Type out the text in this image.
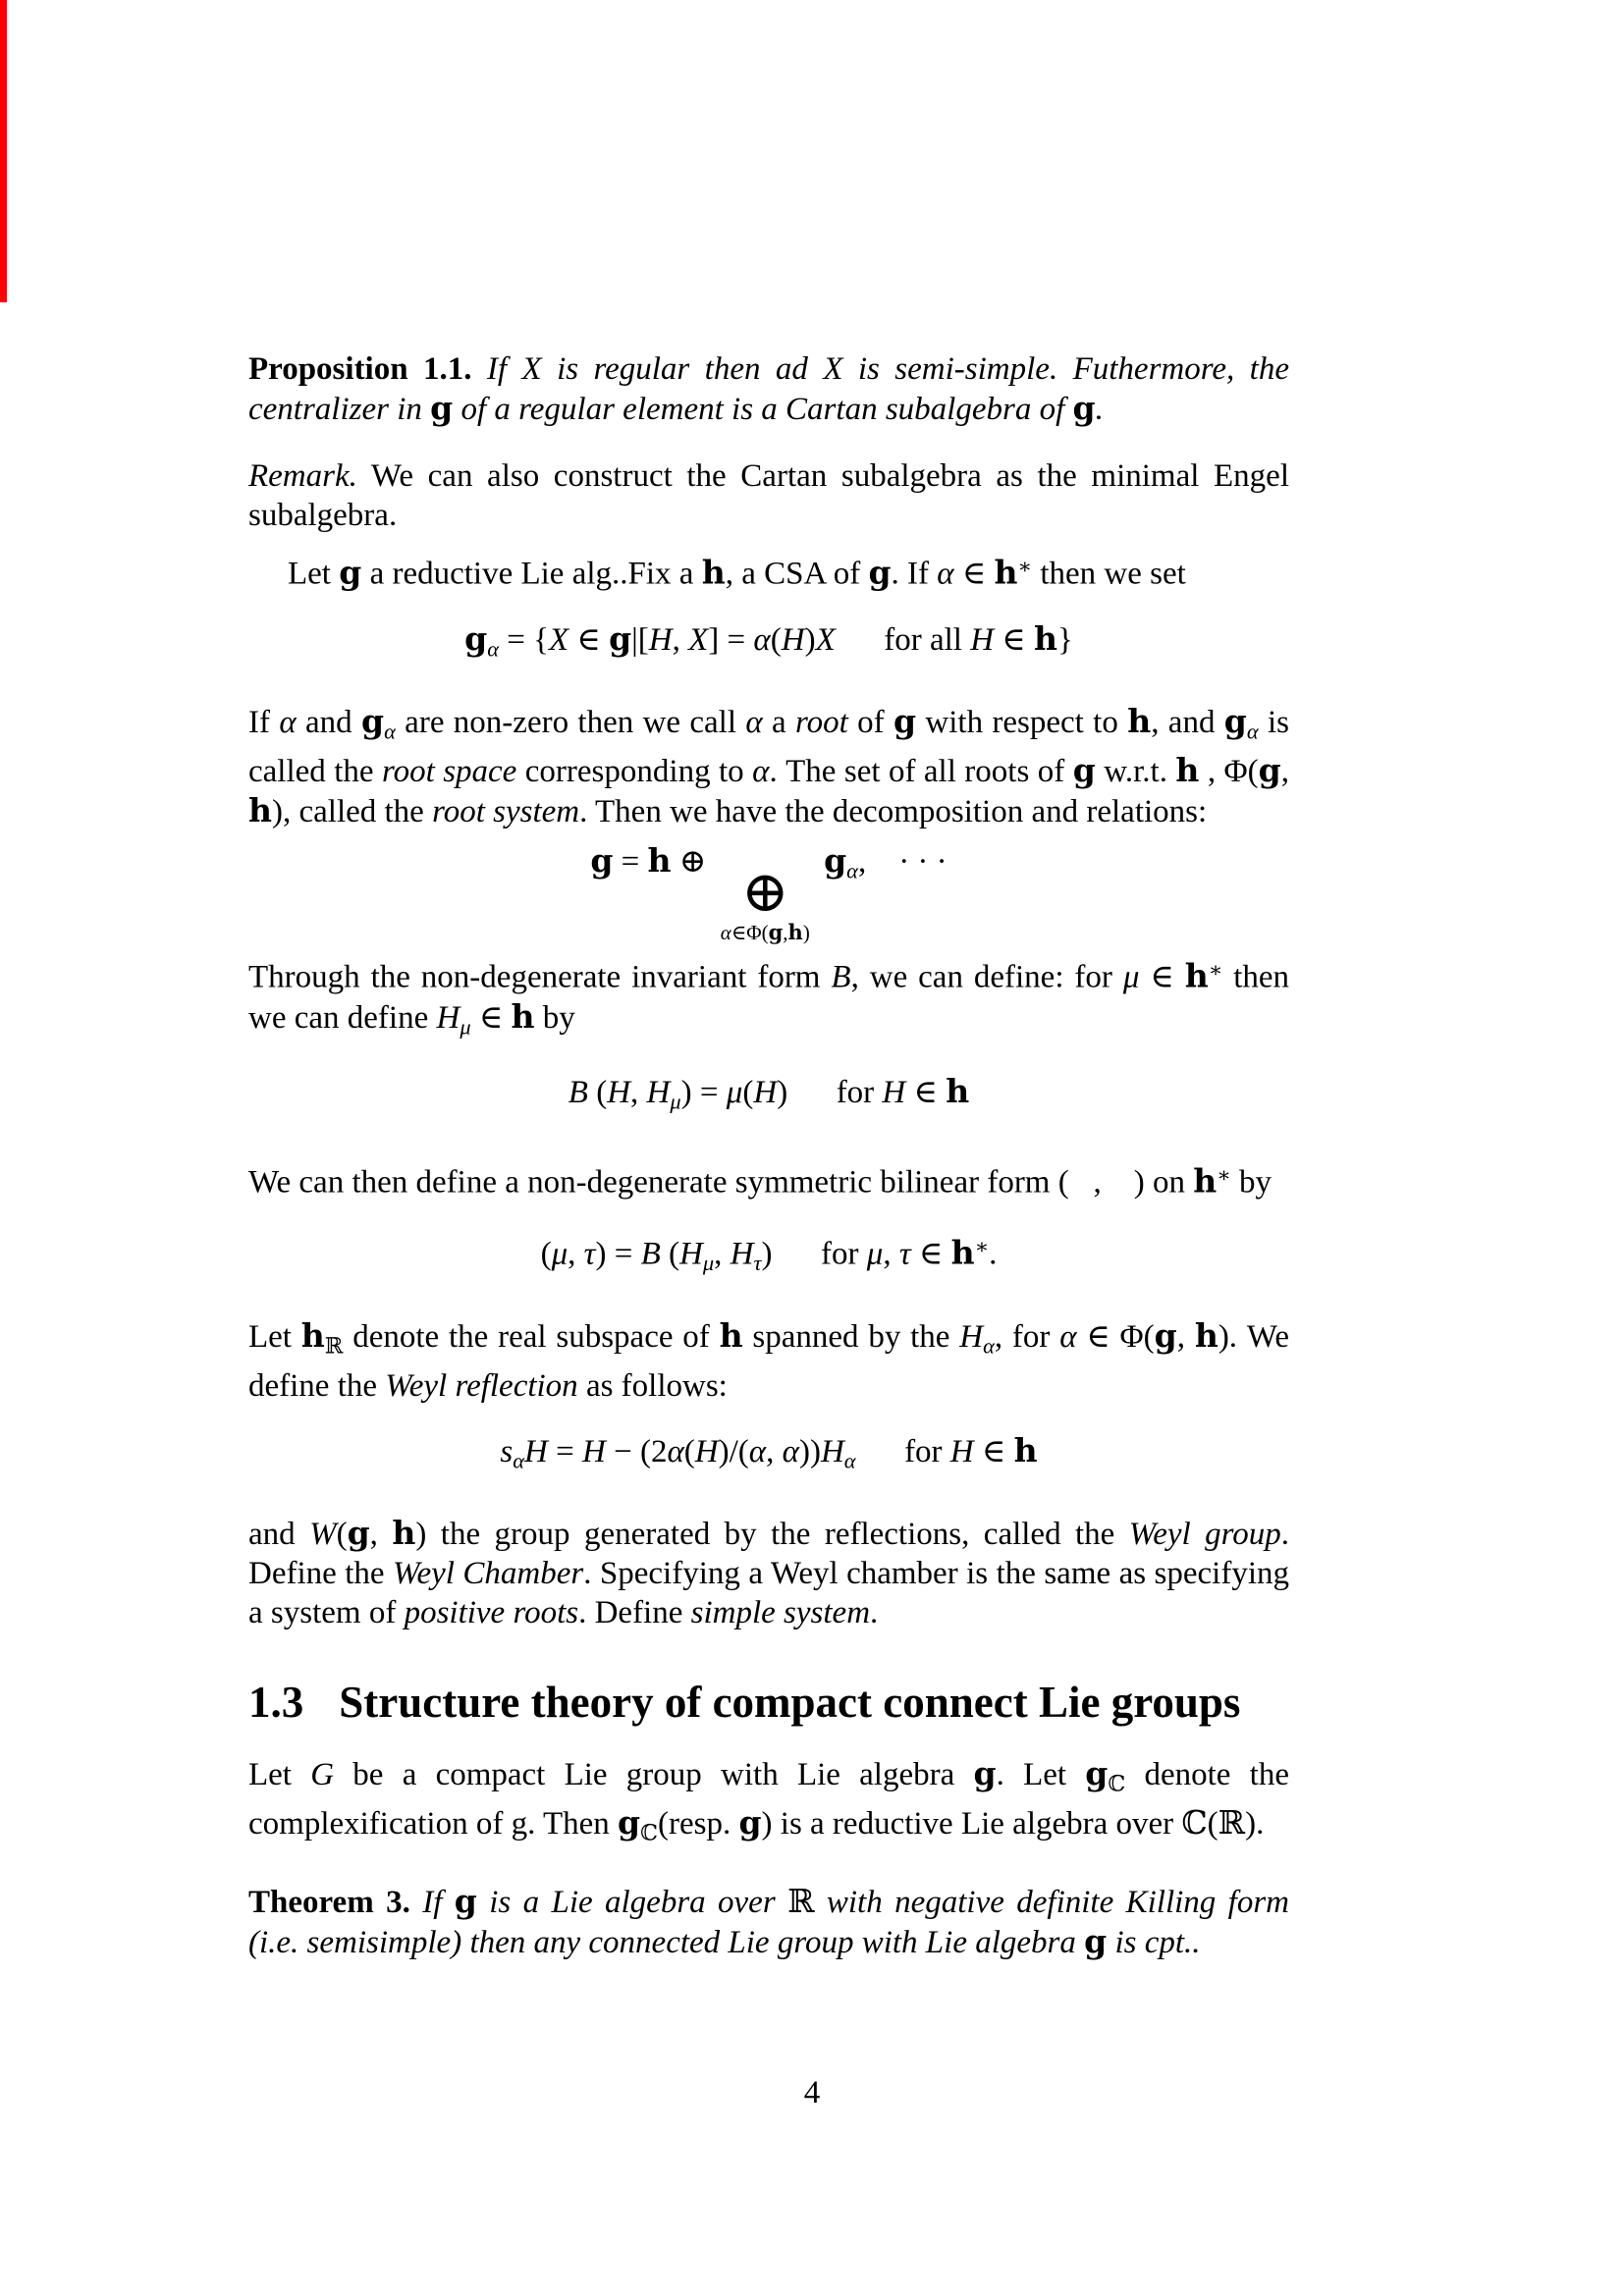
Proposition 1.1. If X is regular then ad X is semi-simple. Futhermore, the centralizer in g of a regular element is a Cartan subalgebra of g.

Remark. We can also construct the Cartan subalgebra as the minimal Engel subalgebra.

Let g a reductive Lie alg..Fix a h, a CSA of g. If α ∈ h∗ then we set

$g_\alpha = \{X$ ∈ g|[H, X] = α(H)X  for all H ∈ h}

If α and $g_\alpha$ are non-zero then we call α a root of g with respect to h, and $g_\alpha$ is called the root space corresponding to α. The set of all roots of g w.r.t. h , Φ(g, h), called the root system. Then we have the decomposition and relations:

g = h ⊕ ⊕
α∈Φ(g,h)
$g_\alpha$, · · ·

Through the non-degenerate invariant form B, we can define: for μ ∈ h∗ then we can define $H_\mu$ ∈ h by

B (H, $H_\mu) = \mu(H)$  for H ∈ h

We can then define a non-degenerate symmetric bilinear form (  ,   ) on h∗ by

(μ, τ) = B ($H_\mu$, $H_\tau$)  for μ, τ ∈ h∗.

Let $h_ℝ$ denote the real subspace of h spanned by the $H_\alpha$, for α ∈ Φ(g, h). We define the Weyl reflection as follows:

$s_\alpha H = H - (2\alpha(H)/(\alpha$, $\alpha))H_\alpha$  for H ∈ h

and W(g, h) the group generated by the reflections, called the Weyl group. Define the Weyl Chamber. Specifying a Weyl chamber is the same as specifying a system of positive roots. Define simple system.

1.3 Structure theory of compact connect Lie groups

Let G be a compact Lie group with Lie algebra g. Let $g_ℂ$ denote the complexification of g. Then $g_ℂ(resp$. g) is a reductive Lie algebra over ℂ(ℝ).

Theorem 3. If g is a Lie algebra over ℝ with negative definite Killing form (i.e. semisimple) then any connected Lie group with Lie algebra g is cpt..

4
